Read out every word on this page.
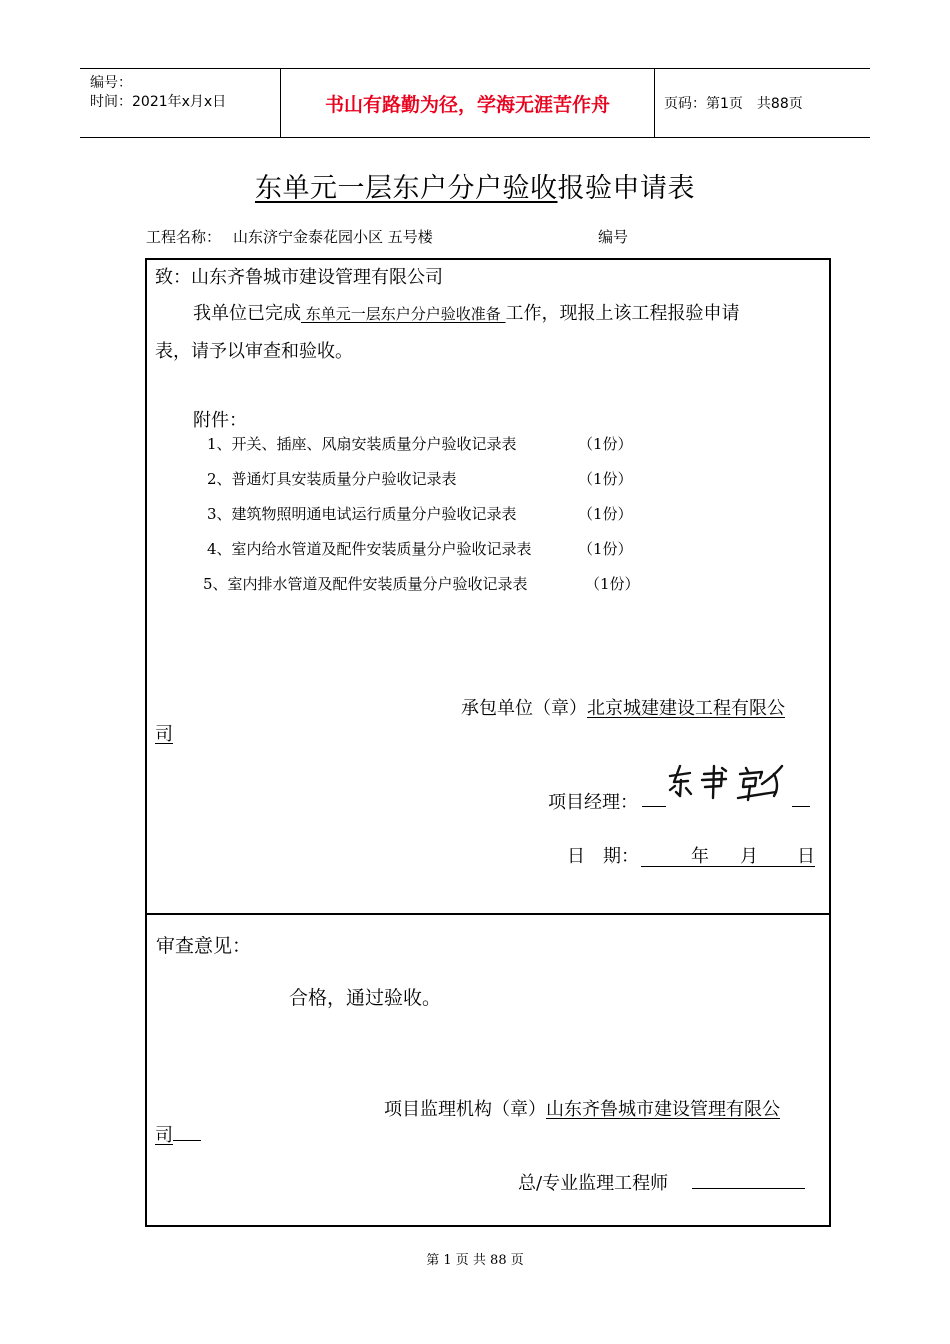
编号：
时间：2021年x月x日	书山有路勤为径，学海无涯苦作舟	页码：第1页　共88页
东单元一层东户分户验收报验申请表
工程名称： 山东济宁金泰花园小区 五号楼	编号
致：山东齐鲁城市建设管理有限公司
我单位已完成 东单元一层东户分户验收准备 工作，现报上该工程报验申请
表，请予以审查和验收。
附件：
1、开关、插座、风扇安装质量分户验收记录表	（1份）
2、普通灯具安装质量分户验收记录表	（1份）
3、建筑物照明通电试运行质量分户验收记录表	（1份）
4、室内给水管道及配件安装质量分户验收记录表	（1份）
5、室内排水管道及配件安装质量分户验收记录表	（1份）
承包单位（章）北京城建建设工程有限公
司
项目经理：
日　期：	年 月 日
审查意见：
合格，通过验收。
项目监理机构（章）山东齐鲁城市建设管理有限公
司
总/专业监理工程师
第 1 页 共 88 页
